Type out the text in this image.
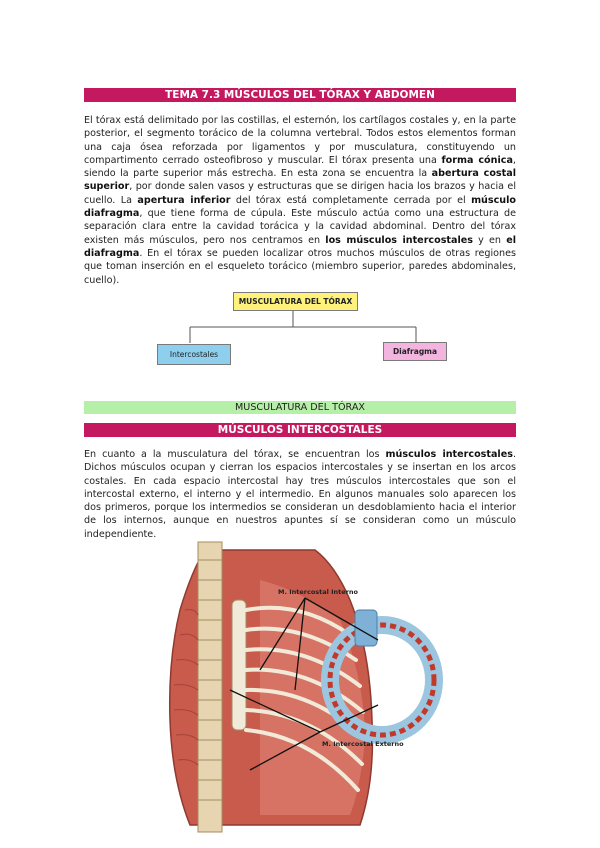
TEMA 7.3 MÚSCULOS DEL TÓRAX Y ABDOMEN
El tórax está delimitado por las costillas, el esternón, los cartílagos costales y, en la parte posterior, el segmento torácico de la columna vertebral. Todos estos elementos forman una caja ósea reforzada por ligamentos y por musculatura, constituyendo un compartimento cerrado osteofibroso y muscular. El tórax presenta una forma cónica, siendo la parte superior más estrecha. En esta zona se encuentra la abertura costal superior, por donde salen vasos y estructuras que se dirigen hacia los brazos y hacia el cuello. La apertura inferior del tórax está completamente cerrada por el músculo diafragma, que tiene forma de cúpula. Este músculo actúa como una estructura de separación clara entre la cavidad torácica y la cavidad abdominal. Dentro del tórax existen más músculos, pero nos centramos en los músculos intercostales y en el diafragma. En el tórax se pueden localizar otros muchos músculos de otras regiones que toman inserción en el esqueleto torácico (miembro superior, paredes abdominales, cuello).
MUSCULATURA DEL TÓRAX
Intercostales	Diafragma
MUSCULATURA DEL TÓRAX
MÚSCULOS INTERCOSTALES
En cuanto a la musculatura del tórax, se encuentran los músculos intercostales. Dichos músculos ocupan y cierran los espacios intercostales y se insertan en los arcos costales. En cada espacio intercostal hay tres músculos intercostales que son el intercostal externo, el interno y el intermedio. En algunos manuales solo aparecen los dos primeros, porque los intermedios se consideran un desdoblamiento hacia el interior de los internos, aunque en nuestros apuntes sí se consideran como un músculo independiente.
M. Intercostal Interno
M. Intercostal Externo
